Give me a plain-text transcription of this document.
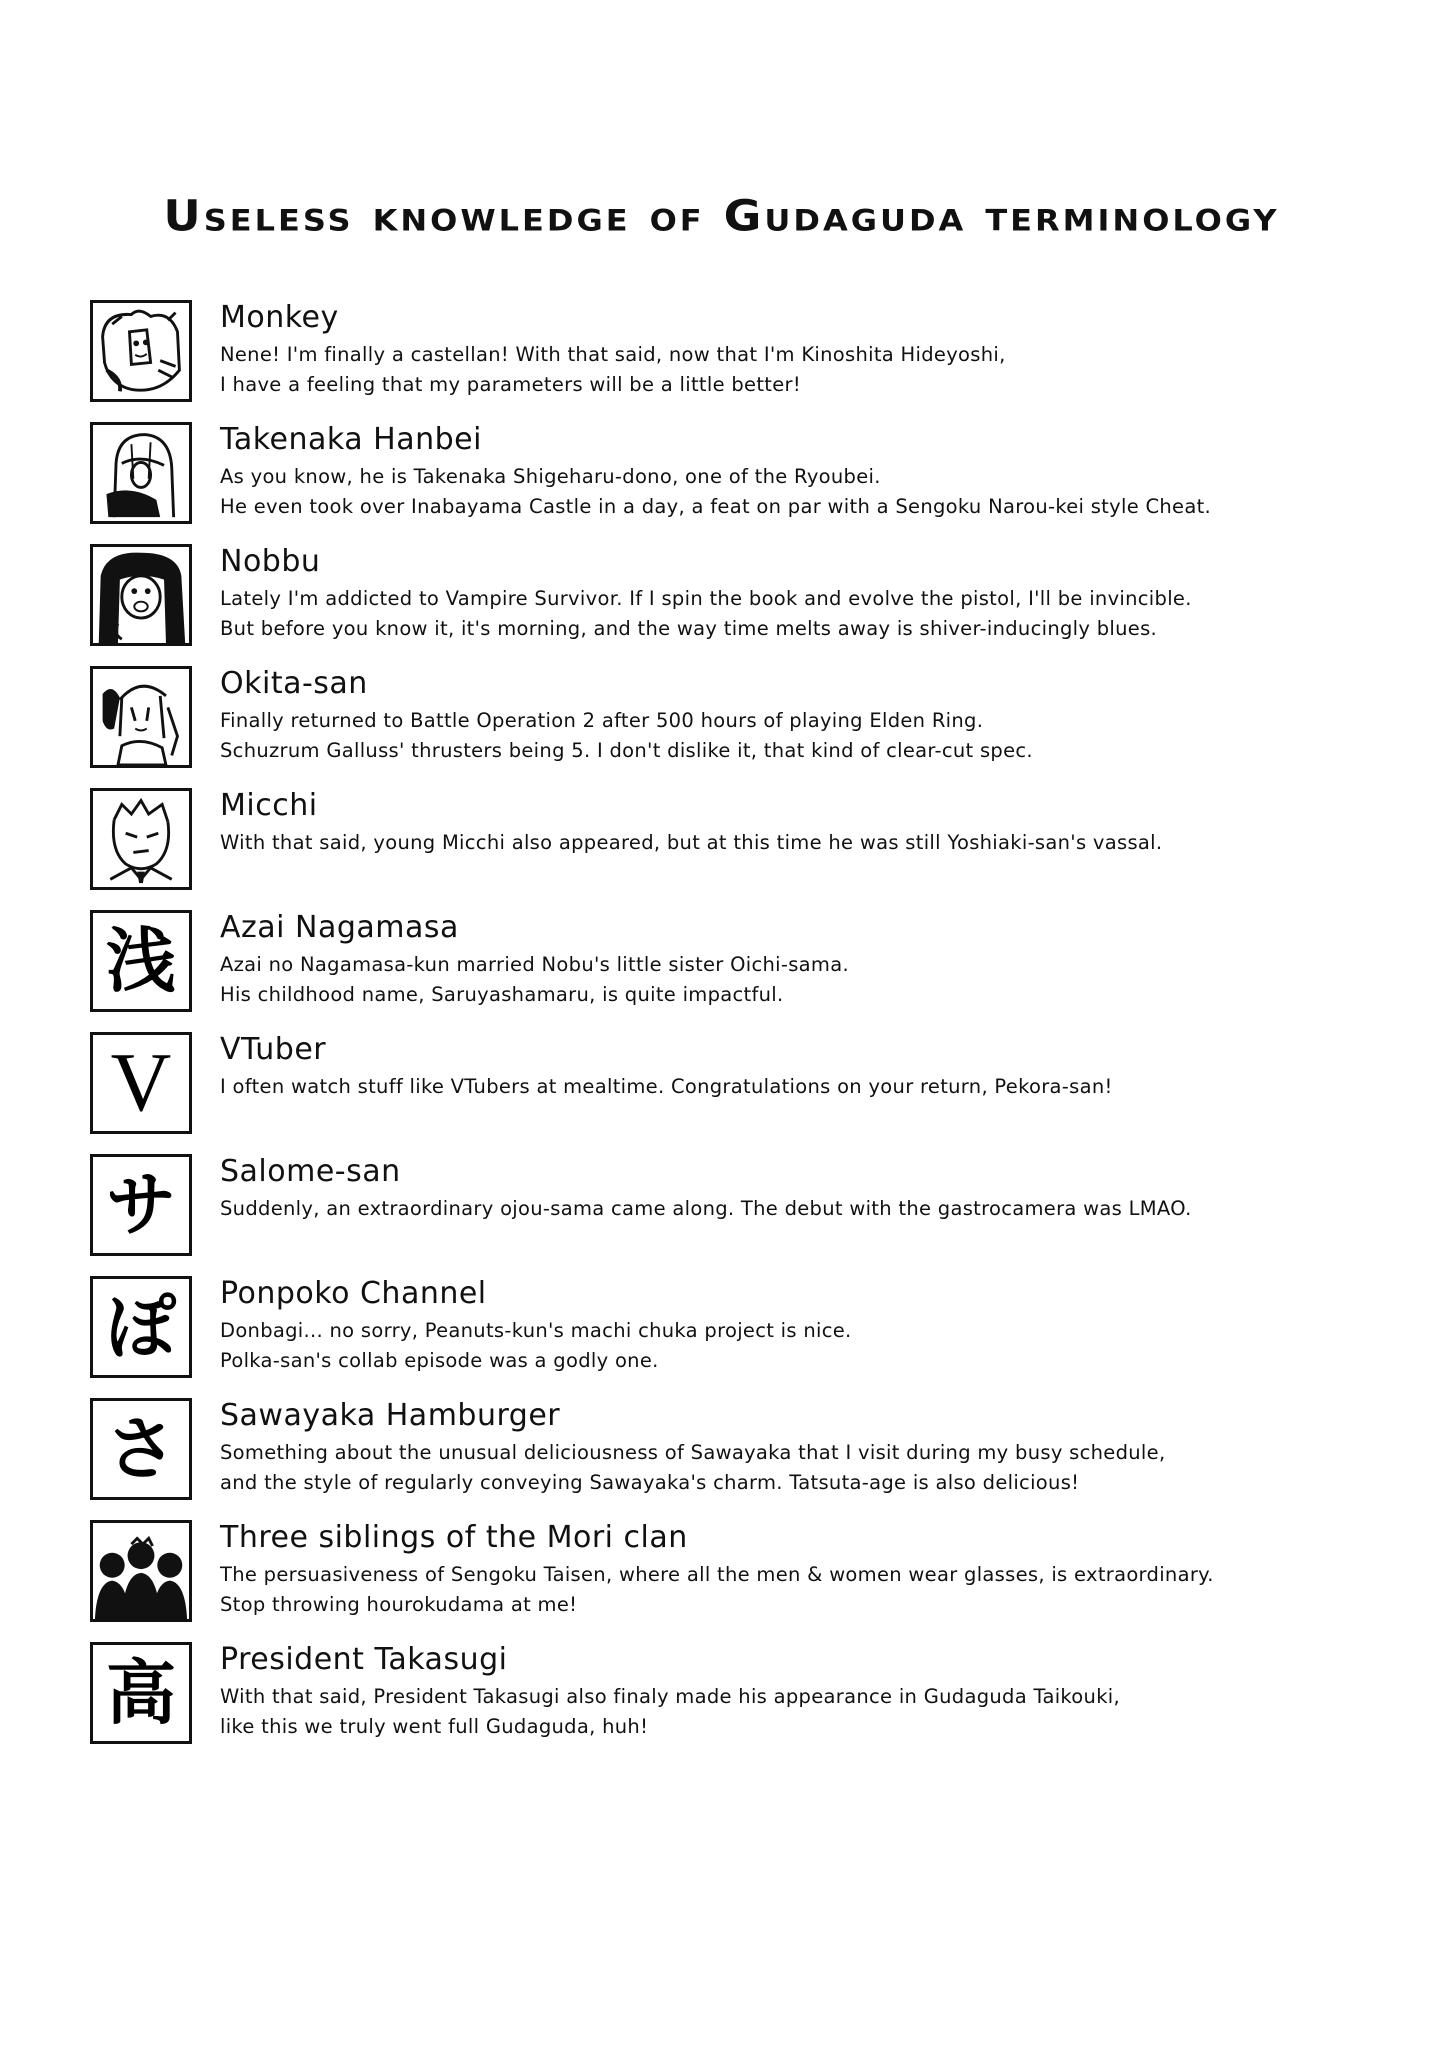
Useless knowledge of Gudaguda terminology
Monkey

Nene! I'm finally a castellan! With that said, now that I'm Kinoshita Hideyoshi,
I have a feeling that my parameters will be a little better!

Takenaka Hanbei

As you know, he is Takenaka Shigeharu-dono, one of the Ryoubei.
He even took over Inabayama Castle in a day, a feat on par with a Sengoku Narou-kei style Cheat.

Nobbu

Lately I'm addicted to Vampire Survivor. If I spin the book and evolve the pistol, I'll be invincible.
But before you know it, it's morning, and the way time melts away is shiver-inducingly blues.

Okita-san

Finally returned to Battle Operation 2 after 500 hours of playing Elden Ring.
Schuzrum Galluss' thrusters being 5. I don't dislike it, that kind of clear-cut spec.

Micchi

With that said, young Micchi also appeared, but at this time he was still Yoshiaki-san's vassal.

浅 Azai Nagamasa

Azai no Nagamasa-kun married Nobu's little sister Oichi-sama.
His childhood name, Saruyashamaru, is quite impactful.

V VTuber

I often watch stuff like VTubers at mealtime. Congratulations on your return, Pekora-san!

サ Salome-san

Suddenly, an extraordinary ojou-sama came along. The debut with the gastrocamera was LMAO.

ぽ Ponpoko Channel

Donbagi... no sorry, Peanuts-kun's machi chuka project is nice.
Polka-san's collab episode was a godly one.

さ Sawayaka Hamburger

Something about the unusual deliciousness of Sawayaka that I visit during my busy schedule,
and the style of regularly conveying Sawayaka's charm. Tatsuta-age is also delicious!

Three siblings of the Mori clan

The persuasiveness of Sengoku Taisen, where all the men & women wear glasses, is extraordinary.
Stop throwing hourokudama at me!

高 President Takasugi

With that said, President Takasugi also finaly made his appearance in Gudaguda Taikouki,
like this we truly went full Gudaguda, huh!
